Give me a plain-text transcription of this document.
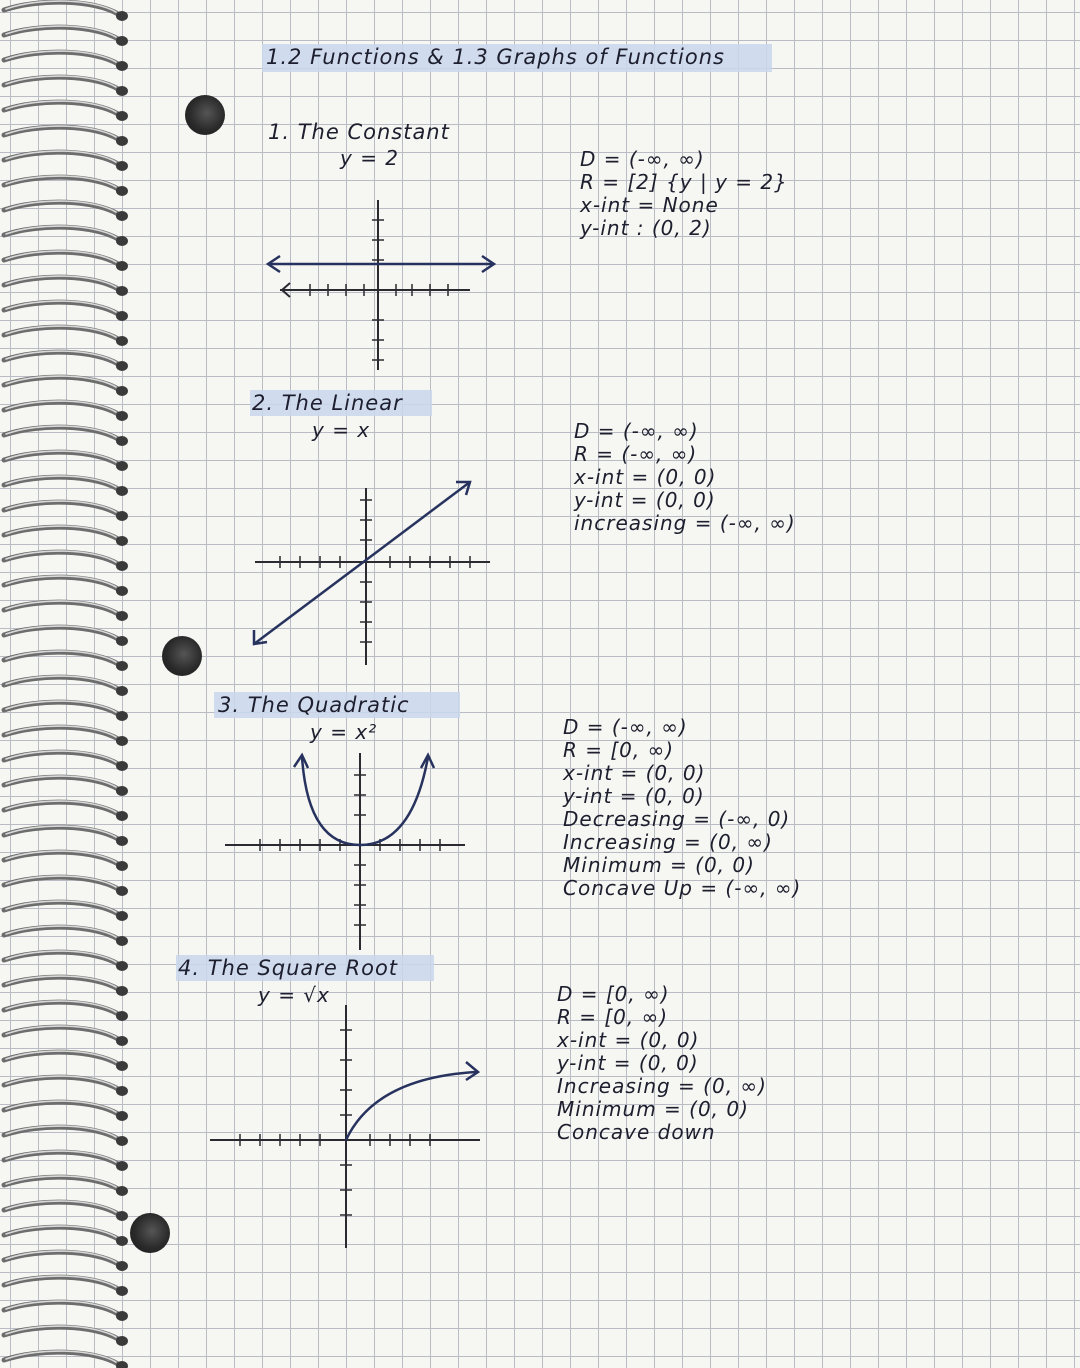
1.2 Functions & 1.3 Graphs of Functions
1. The Constant
y = 2	D = (-∞, ∞)
R = [2] {y | y = 2}
x-int = None
y-int : (0, 2)
2. The Linear
y = x	D = (-∞, ∞)
R = (-∞, ∞)
x-int = (0, 0)
y-int = (0, 0)
increasing = (-∞, ∞)
3. The Quadratic
y = x²	D = (-∞, ∞)
R = [0, ∞)
x-int = (0, 0)
y-int = (0, 0)
Decreasing = (-∞, 0)
Increasing = (0, ∞)
Minimum = (0, 0)
Concave Up = (-∞, ∞)
4. The Square Root
y = √x	D = [0, ∞)
R = [0, ∞)
x-int = (0, 0)
y-int = (0, 0)
Increasing = (0, ∞)
Minimum = (0, 0)
Concave down
